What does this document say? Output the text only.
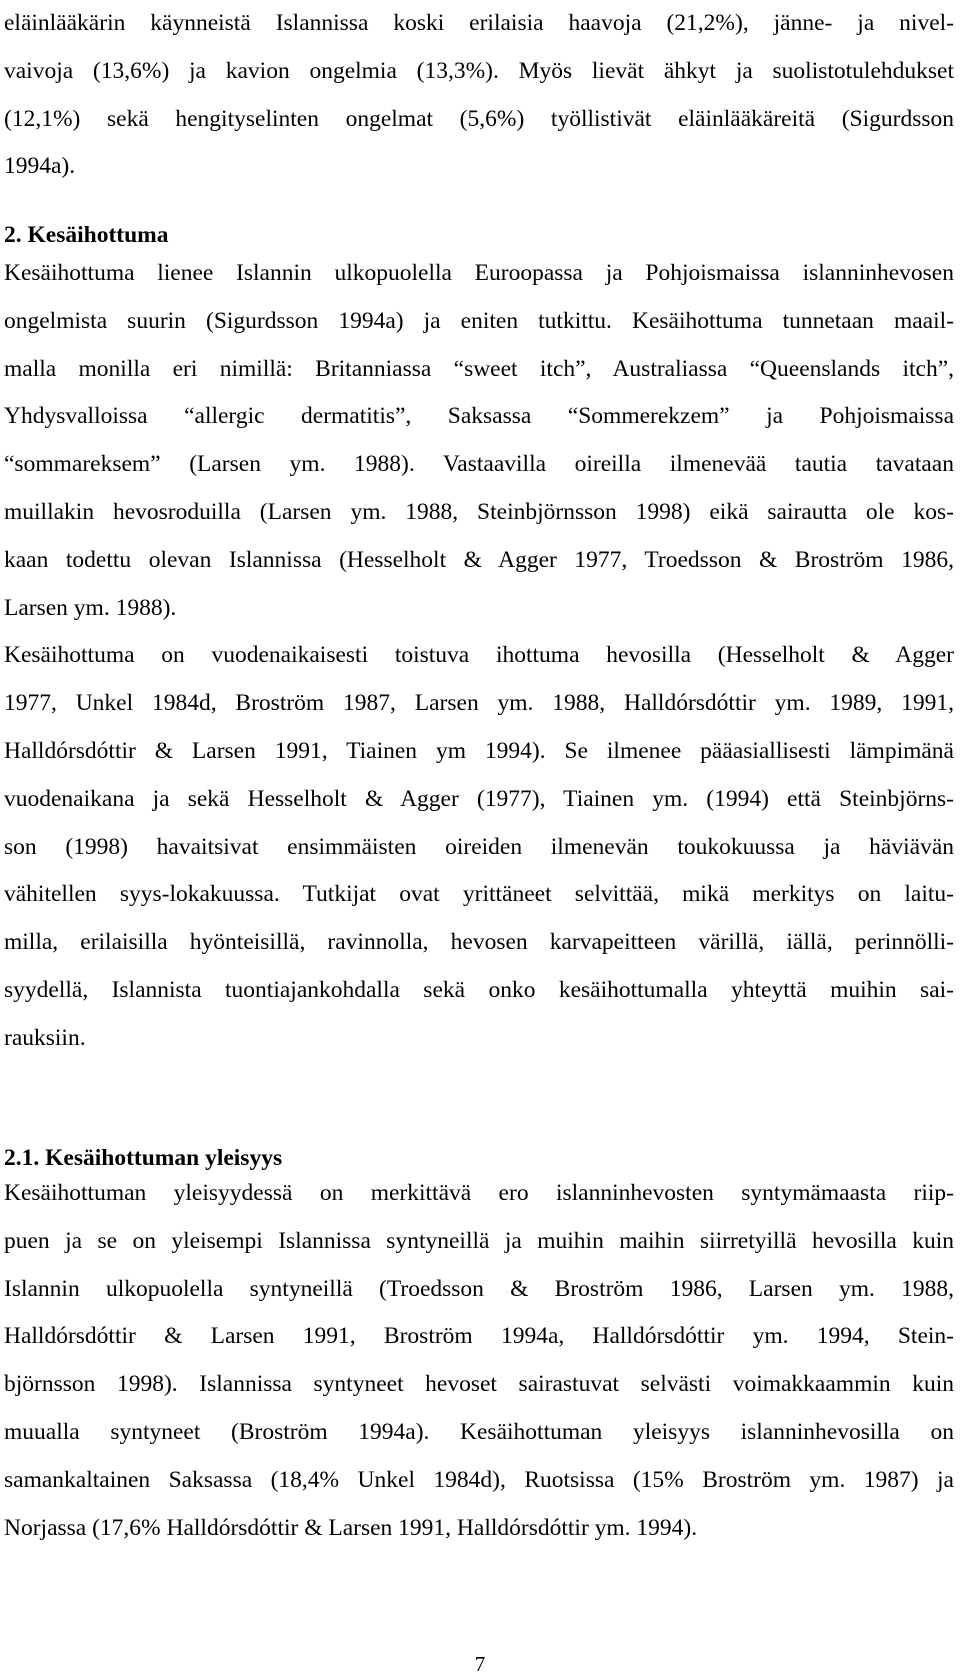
eläinlääkärin käynneistä Islannissa koski erilaisia haavoja (21,2%), jänne- ja nivel-
vaivoja (13,6%) ja kavion ongelmia (13,3%). Myös lievät ähkyt ja suolistotulehdukset
(12,1%) sekä hengityselinten ongelmat (5,6%) työllistivät eläinlääkäreitä (Sigurdsson
1994a).
2. Kesäihottuma
Kesäihottuma lienee Islannin ulkopuolella Euroopassa ja Pohjoismaissa islanninhevosen
ongelmista suurin (Sigurdsson 1994a) ja eniten tutkittu. Kesäihottuma tunnetaan maail-
malla monilla eri nimillä: Britanniassa “sweet itch”, Australiassa “Queenslands itch”,
Yhdysvalloissa “allergic dermatitis”, Saksassa “Sommerekzem” ja Pohjoismaissa
“sommareksem” (Larsen ym. 1988). Vastaavilla oireilla ilmenevää tautia tavataan
muillakin hevosroduilla (Larsen ym. 1988, Steinbjörnsson 1998) eikä sairautta ole kos-
kaan todettu olevan Islannissa (Hesselholt & Agger 1977, Troedsson & Broström 1986,
Larsen ym. 1988).
Kesäihottuma on vuodenaikaisesti toistuva ihottuma hevosilla (Hesselholt & Agger
1977, Unkel 1984d, Broström 1987, Larsen ym. 1988, Halldórsdóttir ym. 1989, 1991,
Halldórsdóttir & Larsen 1991, Tiainen ym 1994). Se ilmenee pääasiallisesti lämpimänä
vuodenaikana ja sekä Hesselholt & Agger (1977), Tiainen ym. (1994) että Steinbjörns-
son (1998) havaitsivat ensimmäisten oireiden ilmenevän toukokuussa ja häviävän
vähitellen syys-lokakuussa. Tutkijat ovat yrittäneet selvittää, mikä merkitys on laitu-
milla, erilaisilla hyönteisillä, ravinnolla, hevosen karvapeitteen värillä, iällä, perinnölli-
syydellä, Islannista tuontiajankohdalla sekä onko kesäihottumalla yhteyttä muihin sai-
rauksiin.
2.1. Kesäihottuman yleisyys
Kesäihottuman yleisyydessä on merkittävä ero islanninhevosten syntymämaasta riip-
puen ja se on yleisempi Islannissa syntyneillä ja muihin maihin siirretyillä hevosilla kuin
Islannin ulkopuolella syntyneillä (Troedsson & Broström 1986, Larsen ym. 1988,
Halldórsdóttir & Larsen 1991, Broström 1994a, Halldórsdóttir ym. 1994, Stein-
björnsson 1998). Islannissa syntyneet hevoset sairastuvat selvästi voimakkaammin kuin
muualla syntyneet (Broström 1994a). Kesäihottuman yleisyys islanninhevosilla on
samankaltainen Saksassa (18,4% Unkel 1984d), Ruotsissa (15% Broström ym. 1987) ja
Norjassa (17,6% Halldórsdóttir & Larsen 1991, Halldórsdóttir ym. 1994).
7
